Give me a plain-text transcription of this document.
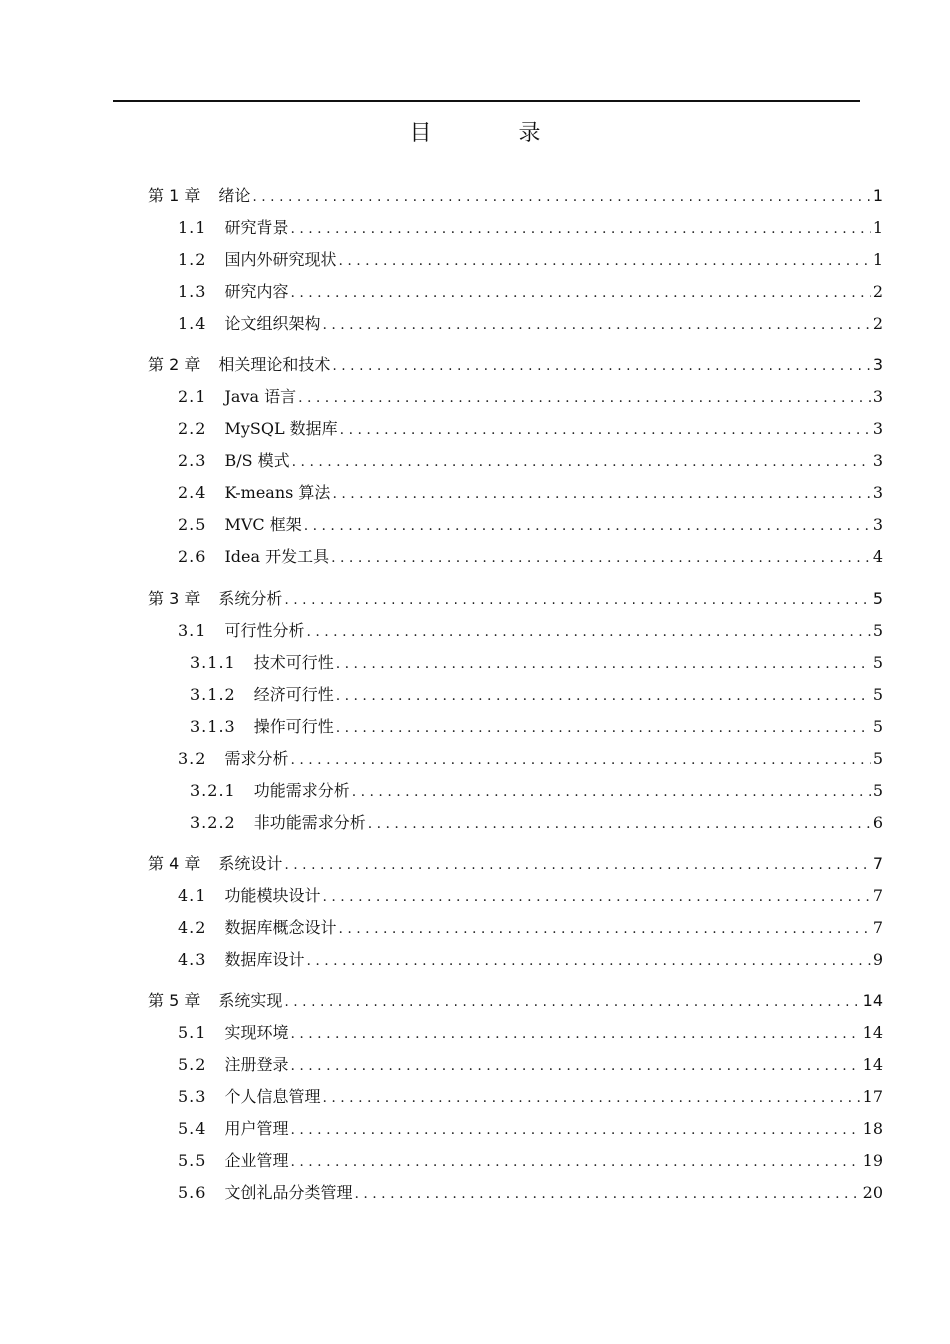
目 录
第 1 章 绪论 . . .	1
1.1 研究背景 . . .	1
1.2 国内外研究现状 . . .	1
1.3 研究内容 . . .	2
1.4 论文组织架构 . . .	2
第 2 章 相关理论和技术 . . .	3
2.1 Java 语言 . . .	3
2.2 MySQL 数据库 . . .	3
2.3 B/S 模式 . . .	3
2.4 K-means 算法 . . .	3
2.5 MVC 框架 . . .	3
2.6 Idea 开发工具 . . .	4
第 3 章 系统分析 . . .	5
3.1 可行性分析 . . .	5
3.1.1 技术可行性 . . .	5
3.1.2 经济可行性 . . .	5
3.1.3 操作可行性 . . .	5
3.2 需求分析 . . .	5
3.2.1 功能需求分析 . . .	5
3.2.2 非功能需求分析 . . .	6
第 4 章 系统设计 . . .	7
4.1 功能模块设计 . . .	7
4.2 数据库概念设计 . . .	7
4.3 数据库设计 . . .	9
第 5 章 系统实现 . . .	14
5.1 实现环境 . . .	14
5.2 注册登录 . . .	14
5.3 个人信息管理 . . .	17
5.4 用户管理 . . .	18
5.5 企业管理 . . .	19
5.6 文创礼品分类管理 . . .	20
